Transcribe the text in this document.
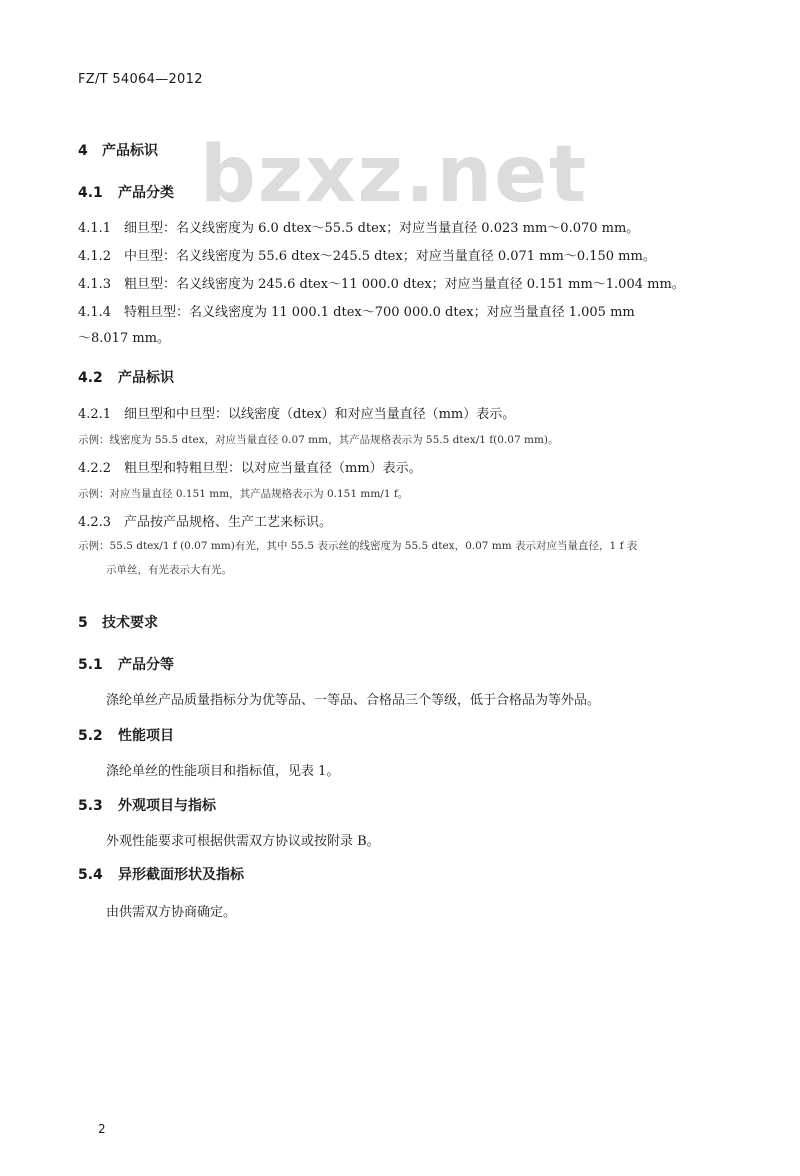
FZ/T 54064—2012
bzxz.net
4 产品标识
4.1 产品分类
4.1.1 细旦型：名义线密度为 6.0 dtex～55.5 dtex；对应当量直径 0.023 mm～0.070 mm。
4.1.2 中旦型：名义线密度为 55.6 dtex～245.5 dtex；对应当量直径 0.071 mm～0.150 mm。
4.1.3 粗旦型：名义线密度为 245.6 dtex～11 000.0 dtex；对应当量直径 0.151 mm～1.004 mm。
4.1.4 特粗旦型：名义线密度为 11 000.1 dtex～700 000.0 dtex；对应当量直径 1.005 mm
～8.017 mm。
4.2 产品标识
4.2.1 细旦型和中旦型：以线密度（dtex）和对应当量直径（mm）表示。
示例：线密度为 55.5 dtex，对应当量直径 0.07 mm，其产品规格表示为 55.5 dtex/1 f(0.07 mm)。
4.2.2 粗旦型和特粗旦型：以对应当量直径（mm）表示。
示例：对应当量直径 0.151 mm，其产品规格表示为 0.151 mm/1 f。
4.2.3 产品按产品规格、生产工艺来标识。
示例：55.5 dtex/1 f (0.07 mm)有光，其中 55.5 表示丝的线密度为 55.5 dtex，0.07 mm 表示对应当量直径，1 f 表
示单丝，有光表示大有光。
5 技术要求
5.1 产品分等
涤纶单丝产品质量指标分为优等品、一等品、合格品三个等级，低于合格品为等外品。
5.2 性能项目
涤纶单丝的性能项目和指标值，见表 1。
5.3 外观项目与指标
外观性能要求可根据供需双方协议或按附录 B。
5.4 异形截面形状及指标
由供需双方协商确定。
2
